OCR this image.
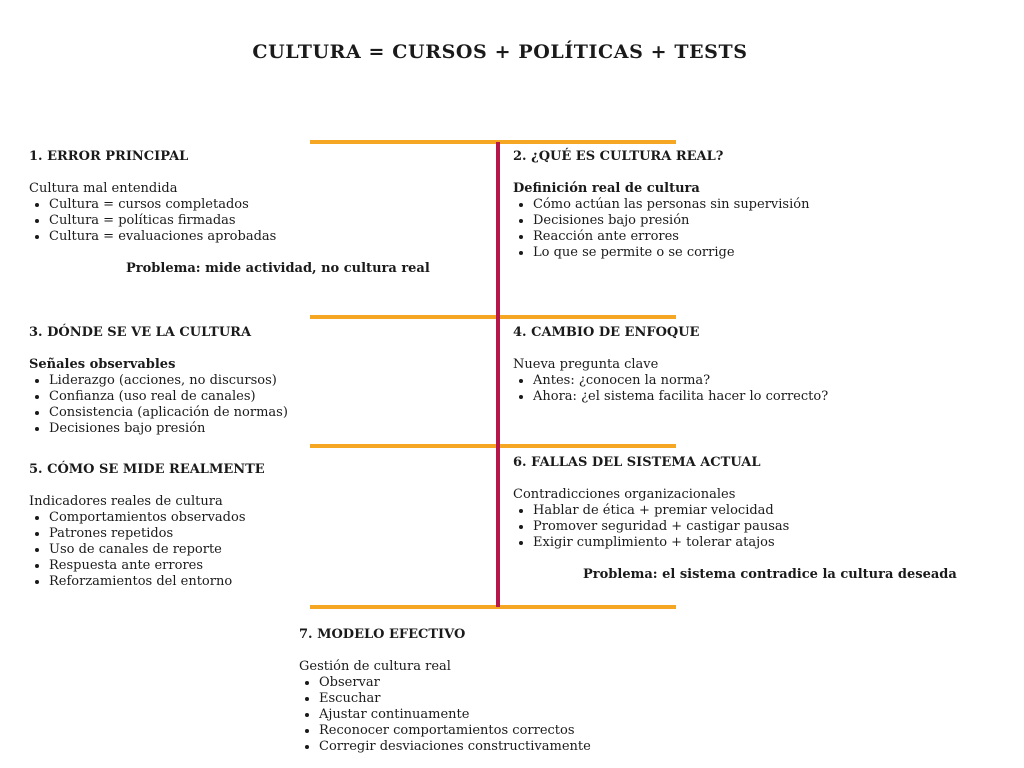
CULTURA = CURSOS + POLÍTICAS + TESTS
1. ERROR PRINCIPAL

Cultura mal entendida

• Cultura = cursos completados
• Cultura = políticas firmadas
• Cultura = evaluaciones aprobadas
Problema: mide actividad, no cultura real
2. ¿QUÉ ES CULTURA REAL?

Definición real de cultura

• Cómo actúan las personas sin supervisión
• Decisiones bajo presión
• Reacción ante errores
• Lo que se permite o se corrige
3. DÓNDE SE VE LA CULTURA

Señales observables

• Liderazgo (acciones, no discursos)
• Confianza (uso real de canales)
• Consistencia (aplicación de normas)
• Decisiones bajo presión
4. CAMBIO DE ENFOQUE

Nueva pregunta clave

• Antes: ¿conocen la norma?
• Ahora: ¿el sistema facilita hacer lo correcto?
5. CÓMO SE MIDE REALMENTE

Indicadores reales de cultura

• Comportamientos observados
• Patrones repetidos
• Uso de canales de reporte
• Respuesta ante errores
• Reforzamientos del entorno
6. FALLAS DEL SISTEMA ACTUAL

Contradicciones organizacionales

• Hablar de ética + premiar velocidad
• Promover seguridad + castigar pausas
• Exigir cumplimiento + tolerar atajos
Problema: el sistema contradice la cultura deseada
7. MODELO EFECTIVO

Gestión de cultura real

• Observar
• Escuchar
• Ajustar continuamente
• Reconocer comportamientos correctos
• Corregir desviaciones constructivamente
